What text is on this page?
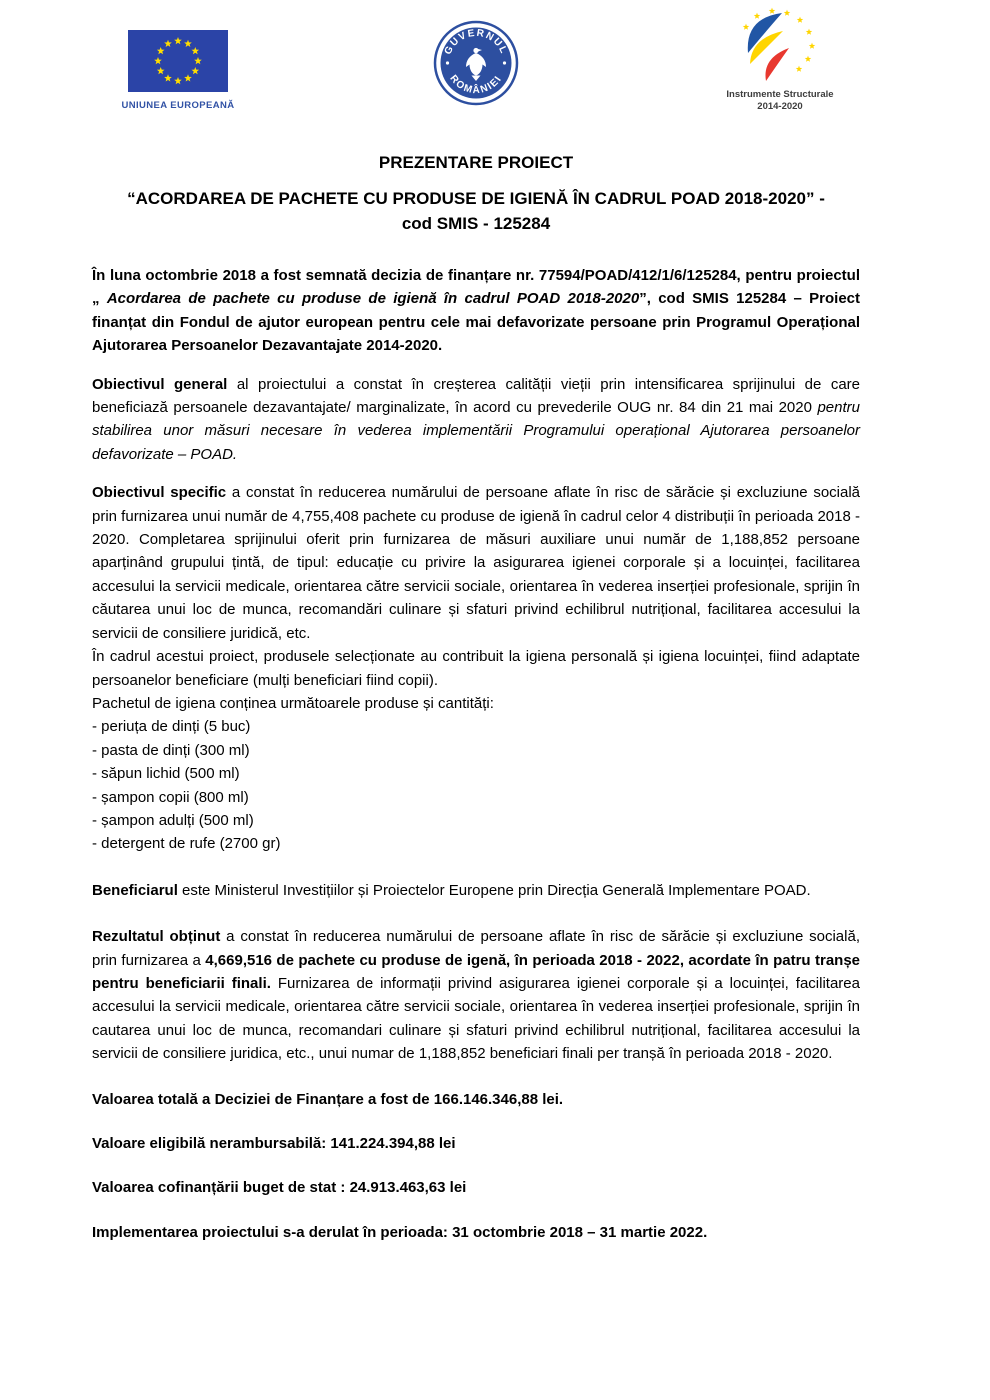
UNIUNEA EUROPEANĂ
GUVERNUL
ROMÂNIEI
Instrumente Structurale
2014-2020
PREZENTARE PROIECT
“ACORDAREA DE PACHETE CU PRODUSE DE IGIENĂ ÎN CADRUL POAD 2018-2020” -
cod SMIS - 125284
În luna octombrie 2018 a fost semnată decizia de finanțare nr. 77594/POAD/412/1/6/125284, pentru proiectul „ Acordarea de pachete cu produse de igienă în cadrul POAD 2018-2020”, cod SMIS 125284 – Proiect finanțat din Fondul de ajutor european pentru cele mai defavorizate persoane prin Programul Operațional Ajutorarea Persoanelor Dezavantajate 2014-2020.
Obiectivul general al proiectului a constat în creșterea calității vieții prin intensificarea sprijinului de care beneficiază persoanele dezavantajate/ marginalizate, în acord cu prevederile OUG nr. 84 din 21 mai 2020 pentru stabilirea unor măsuri necesare în vederea implementării Programului operațional Ajutorarea persoanelor defavorizate – POAD.
Obiectivul specific a constat în reducerea numărului de persoane aflate în risc de sărăcie și excluziune socială prin furnizarea unui număr de 4,755,408 pachete cu produse de igienă în cadrul celor 4 distribuții în perioada 2018 - 2020. Completarea sprijinului oferit prin furnizarea de măsuri auxiliare unui număr de 1,188,852 persoane aparținând grupului țintă, de tipul: educație cu privire la asigurarea igienei corporale și a locuinței, facilitarea accesului la servicii medicale, orientarea către servicii sociale, orientarea în vederea inserției profesionale, sprijin în căutarea unui loc de munca, recomandări culinare și sfaturi privind echilibrul nutrițional, facilitarea accesului la servicii de consiliere juridică, etc.
În cadrul acestui proiect, produsele selecționate au contribuit la igiena personală și igiena locuinței, fiind adaptate persoanelor beneficiare (mulți beneficiari fiind copii).
Pachetul de igiena conținea următoarele produse și cantități:
- periuța de dinți (5 buc)
- pasta de dinți (300 ml)
- săpun lichid (500 ml)
- șampon copii (800 ml)
- șampon adulți (500 ml)
- detergent de rufe (2700 gr)
Beneficiarul este Ministerul Investițiilor și Proiectelor Europene prin Direcția Generală Implementare POAD.
Rezultatul obținut a constat în reducerea numărului de persoane aflate în risc de sărăcie și excluziune socială, prin furnizarea a 4,669,516 de pachete cu produse de igenă, în perioada 2018 - 2022, acordate în patru tranșe pentru beneficiarii finali. Furnizarea de informații privind asigurarea igienei corporale și a locuinței, facilitarea accesului la servicii medicale, orientarea către servicii sociale, orientarea în vederea inserției profesionale, sprijin în cautarea unui loc de munca, recomandari culinare și sfaturi privind echilibrul nutrițional, facilitarea accesului la servicii de consiliere juridica, etc., unui numar de 1,188,852 beneficiari finali per tranșă în perioada 2018 - 2020.
Valoarea totală a Deciziei de Finanțare a fost de 166.146.346,88 lei.
Valoare eligibilă nerambursabilă: 141.224.394,88 lei
Valoarea cofinanțării buget de stat : 24.913.463,63 lei
Implementarea proiectului s-a derulat în perioada: 31 octombrie 2018 – 31 martie 2022.
